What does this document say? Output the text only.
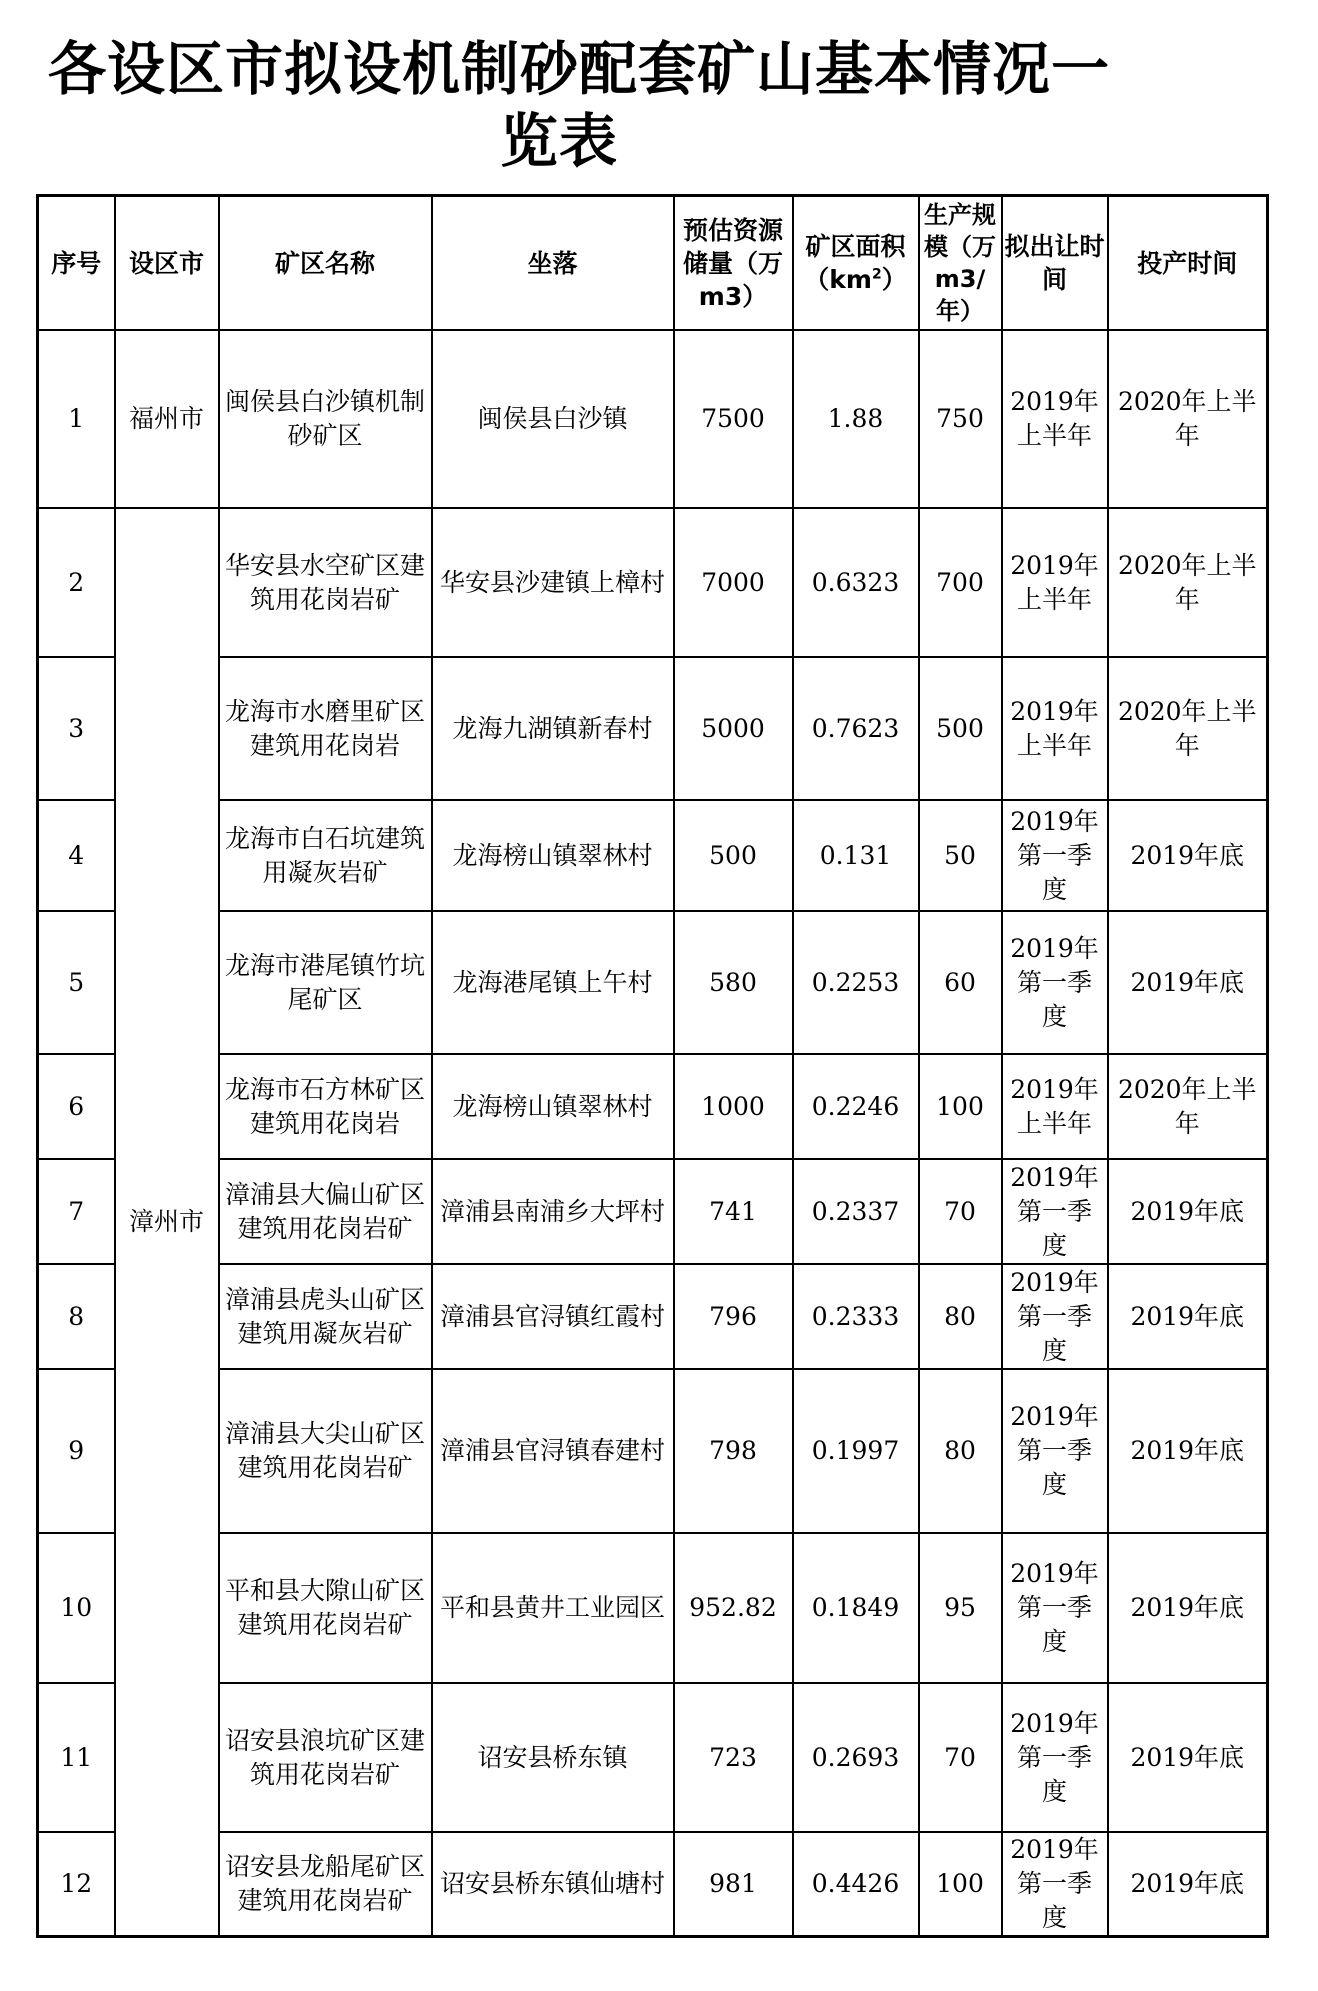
各设区市拟设机制砂配套矿山基本情况一
览表
序号	设区市	矿区名称	坐落	预估资源储量（万m3）	矿区面积$(km^2)$	生产规模（万m3/年）	拟出让时间	投产时间
1	福州市	闽侯县白沙镇机制砂矿区	闽侯县白沙镇	7500	1.88	750	2019年上半年	2020年上半年
2	漳州市	华安县水空矿区建筑用花岗岩矿	华安县沙建镇上樟村	7000	0.6323	700	2019年上半年	2020年上半年
3		龙海市水磨里矿区建筑用花岗岩	龙海九湖镇新春村	5000	0.7623	500	2019年上半年	2020年上半年
4		龙海市白石坑建筑用凝灰岩矿	龙海榜山镇翠林村	500	0.131	50	2019年第一季度	2019年底
5		龙海市港尾镇竹坑尾矿区	龙海港尾镇上午村	580	0.2253	60	2019年第一季度	2019年底
6		龙海市石方林矿区建筑用花岗岩	龙海榜山镇翠林村	1000	0.2246	100	2019年上半年	2020年上半年
7		漳浦县大偏山矿区建筑用花岗岩矿	漳浦县南浦乡大坪村	741	0.2337	70	2019年第一季度	2019年底
8		漳浦县虎头山矿区建筑用凝灰岩矿	漳浦县官浔镇红霞村	796	0.2333	80	2019年第一季度	2019年底
9		漳浦县大尖山矿区建筑用花岗岩矿	漳浦县官浔镇春建村	798	0.1997	80	2019年第一季度	2019年底
10		平和县大隙山矿区建筑用花岗岩矿	平和县黄井工业园区	952.82	0.1849	95	2019年第一季度	2019年底
11		诏安县浪坑矿区建筑用花岗岩矿	诏安县桥东镇	723	0.2693	70	2019年第一季度	2019年底
12		诏安县龙船尾矿区建筑用花岗岩矿	诏安县桥东镇仙塘村	981	0.4426	100	2019年第一季度	2019年底
